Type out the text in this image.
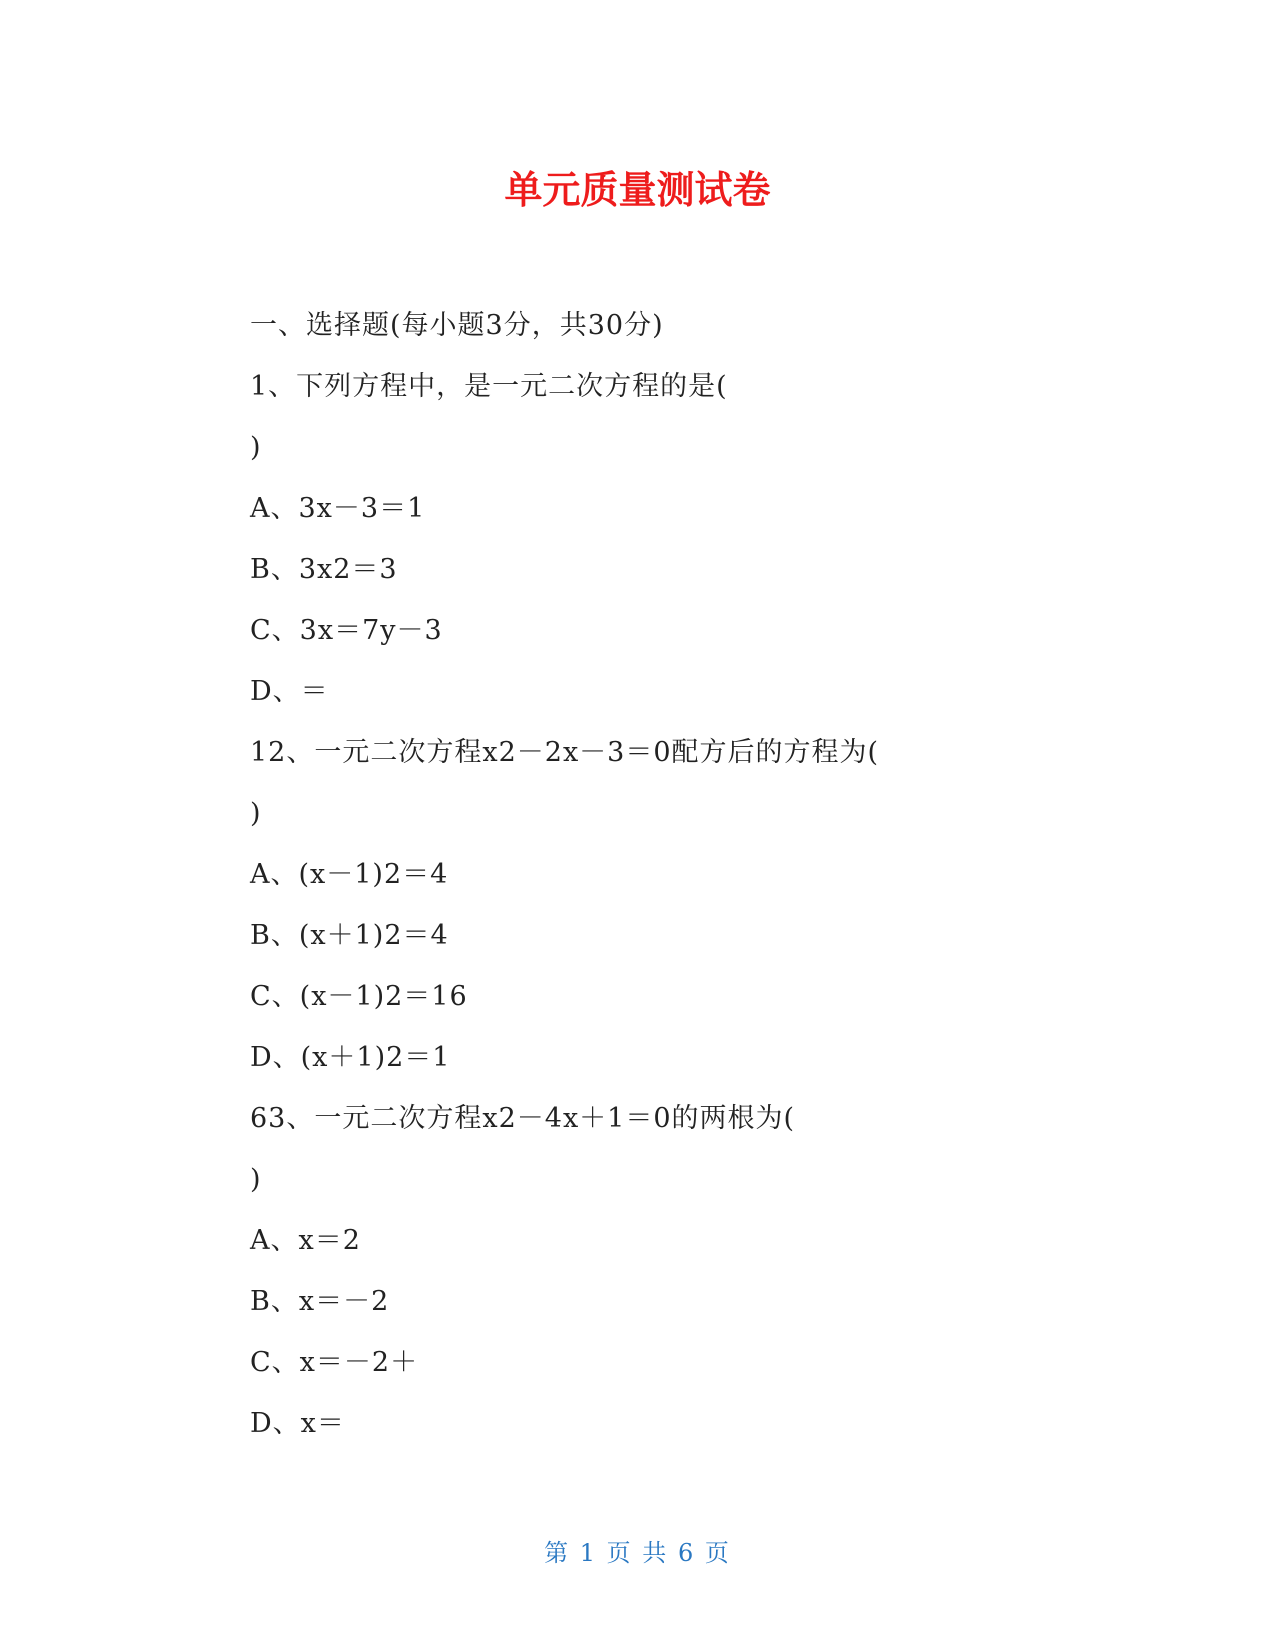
单元质量测试卷
一、选择题(每小题3分，共30分)
1、下列方程中，是一元二次方程的是(
)
A、3x－3＝1
B、3x2＝3
C、3x＝7y－3
D、＝
12、一元二次方程x2－2x－3＝0配方后的方程为(
)
A、(x－1)2＝4
B、(x＋1)2＝4
C、(x－1)2＝16
D、(x＋1)2＝1
63、一元二次方程x2－4x＋1＝0的两根为(
)
A、x＝2
B、x＝－2
C、x＝－2＋
D、x＝
第 1 页 共 6 页
